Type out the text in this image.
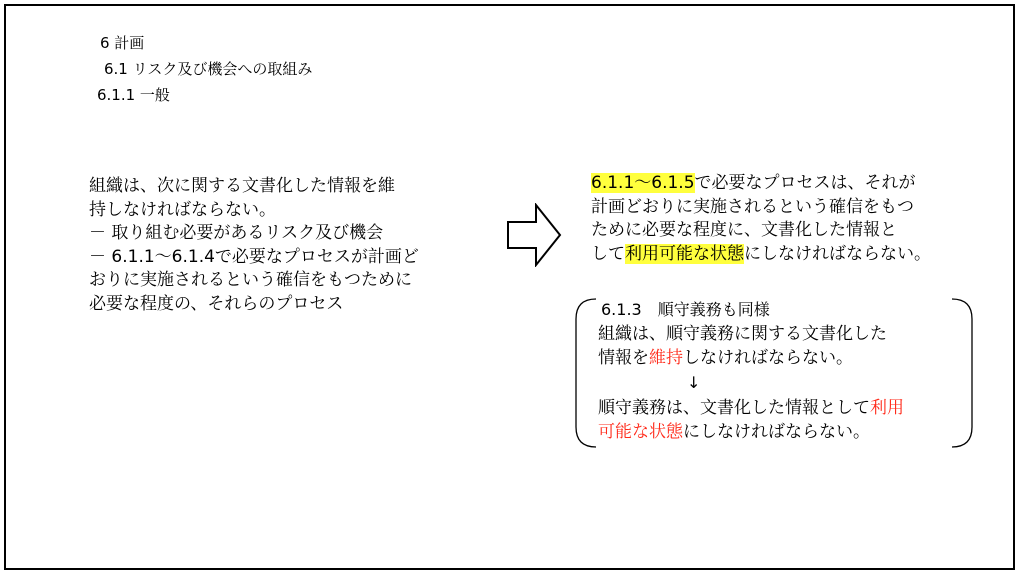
6 計画
6.1 リスク及び機会への取組み
6.1.1 一般
組織は、次に関する文書化した情報を維
持しなければならない。
－ 取り組む必要があるリスク及び機会
－ 6.1.1～6.1.4で必要なプロセスが計画ど
おりに実施されるという確信をもつために
必要な程度の、それらのプロセス
6.1.1～6.1.5で必要なプロセスは、それが
計画どおりに実施されるという確信をもつ
ために必要な程度に、文書化した情報と
して利用可能な状態にしなければならない。
6.1.3　順守義務も同様
組織は、順守義務に関する文書化した
情報を維持しなければならない。
↓
順守義務は、文書化した情報として利用
可能な状態にしなければならない。
